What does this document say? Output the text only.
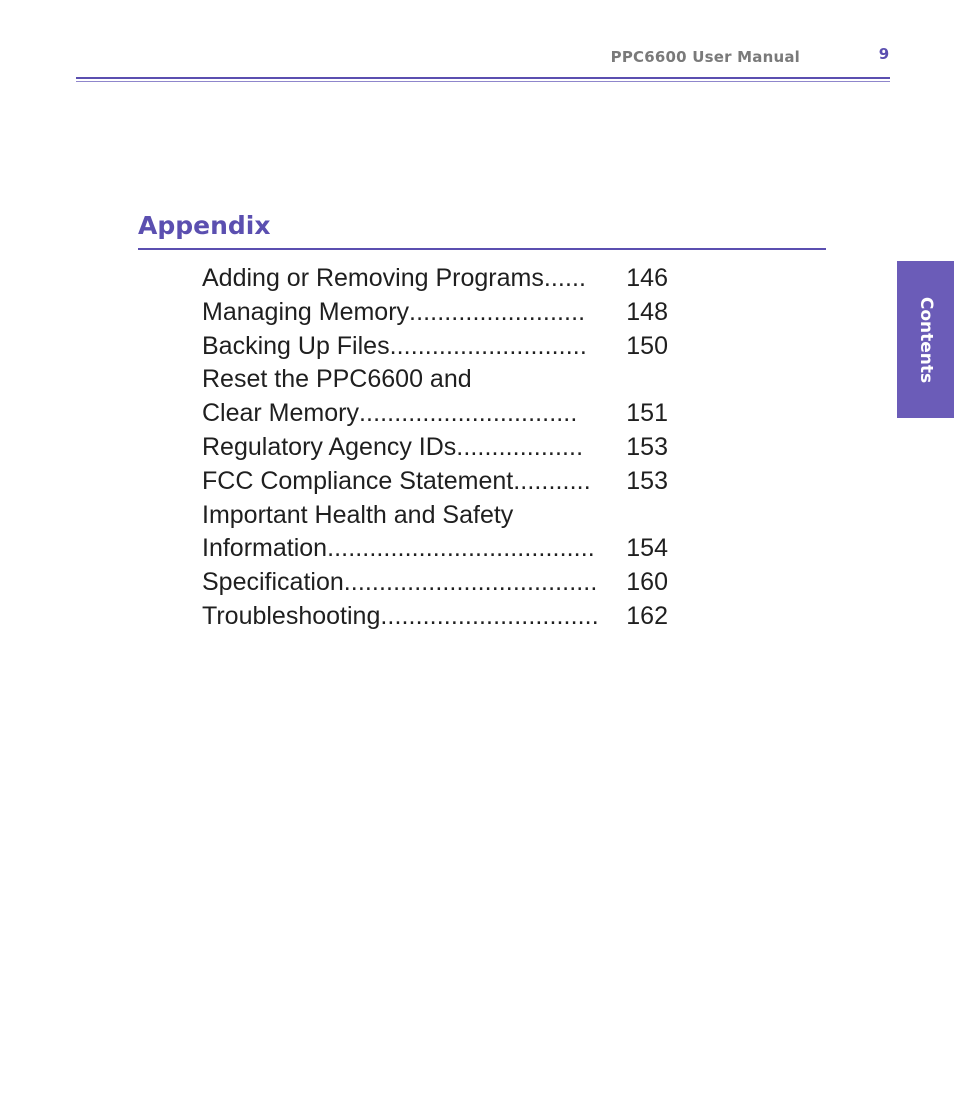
PPC6600 User Manual	9
Contents
Appendix
Adding or Removing Programs ...... 146
Managing Memory ......................... 148
Backing Up Files ............................ 150
Reset the PPC6600 and
Clear Memory ............................... 151
Regulatory Agency IDs .................. 153
FCC Compliance Statement ........... 153
Important Health and Safety
Information ...................................... 154
Specification .................................... 160
Troubleshooting ............................... 162
